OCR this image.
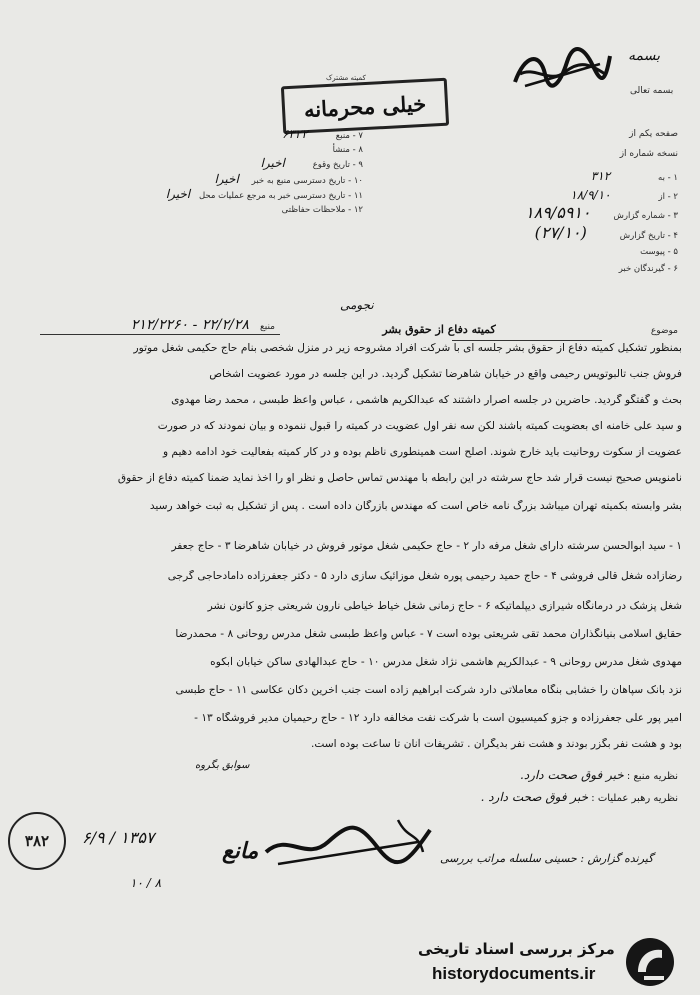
بسمه
بسمه تعالی
کمیته مشترک
خیلی محرمانه
صفحه یکم از
نسخه شماره از
۱ - به ۳۱۲
۲ - از ۱۸/۹/۱۰
۳ - شماره گزارش ۱۸۹/۵۹۱۰
۴ - تاریخ گزارش (۲۷/۱۰)
۵ - پیوست
۶ - گیرندگان خبر
۷ - منبع ۶۳۲۲
۸ - منشأ
۹ - تاریخ وقوع اخیرا
۱۰ - تاریخ دسترسی منبع به خبر اخیرا
۱۱ - تاریخ دسترسی خبر به مرجع عملیات محل اخیرا
۱۲ - ملاحظات حفاظتی
نجومی
منبع ۲۲/۲/۲۸ - ۲۱۲/۲۲۶۰	موضوع کمیته دفاع از حقوق بشر
بمنظور تشکیل کمیته دفاع از حقوق بشر جلسه ای با شرکت افراد مشروحه زیر در منزل شخصی بنام حاج حکیمی شغل موتور
فروش جنب تالبوتویس رحیمی واقع در خیابان شاهرضا تشکیل گردید. در این جلسه در مورد عضویت اشخاص
بحث و گفتگو گردید. حاضرین در جلسه اصرار داشتند که عبدالکریم هاشمی ، عباس واعظ طبسی ، محمد رضا مهدوی
و سید علی خامنه ای بعضویت کمیته باشند لکن سه نفر اول عضویت در کمیته را قبول ننموده و بیان نمودند که در صورت
عضویت از سکوت روحانیت باید خارج شوند. اصلح است همینطوری ناظم بوده و در کار کمیته بفعالیت خود ادامه دهیم و
نامنویس صحیح نیست قرار شد حاج سرشته در این رابطه با مهندس تماس حاصل و نظر او را اخذ نماید ضمناً کمیته دفاع از حقوق
بشر وابسته بکمیته تهران میباشد بزرگ نامه خاص است که مهندس بازرگان داده است . پس از تشکیل به ثبت خواهد رسید
۱ - سید ابوالحسن سرشته دارای شغل مرفه دار ۲ - حاج حکیمی شغل موتور فروش در خیابان شاهرضا ۳ - حاج جعفر
رضازاده شغل قالی فروشی ۴ - حاج حمید رحیمی پوره شغل موزائیک سازی دارد ۵ - دکتر جعفرزاده دامادحاجی گرجی
شغل پزشک در درمانگاه شیرازی دیپلماتیکه ۶ - حاج زمانی شغل خیاط خیاطی نارون شریعتی جزو کانون نشر
حقایق اسلامی بنیانگذاران محمد تقی شریعتی بوده است ۷ - عباس واعظ طبسی شغل مدرس روحانی ۸ - محمدرضا
مهدوی شغل مدرس روحانی ۹ - عبدالکریم هاشمی نژاد شغل مدرس ۱۰ - حاج عبدالهادی ساکن خیابان آبکوه
نزد بانک سپاهان را خشابی بنگاه معاملاتی دارد شرکت ابراهیم زاده است جنب آخرین دکان عکاسی ۱۱ - حاج طبسی
امیر پور علی جعفرزاده و جزو کمیسیون است با شرکت نفت مخالفه دارد ۱۲ - حاج رحیمیان مدیر فروشگاه ۱۳ -
بود و هشت نفر بگزر بودند و هشت نفر بدیگران . تشریفات آنان تا ساعت بوده است.
نظریه منبع : خبر فوق صحت دارد.
نظریه رهبر عملیات : خبر فوق صحت دارد .
سوابق بگروه
۳۸۲ ۶/۹ / ۱۳۵۷
مانع	گیرنده گزارش : حسینی سلسله مراتب بررسی
۱۰ / ۸
مرکز بررسی اسناد تاریخی
historydocuments.ir
